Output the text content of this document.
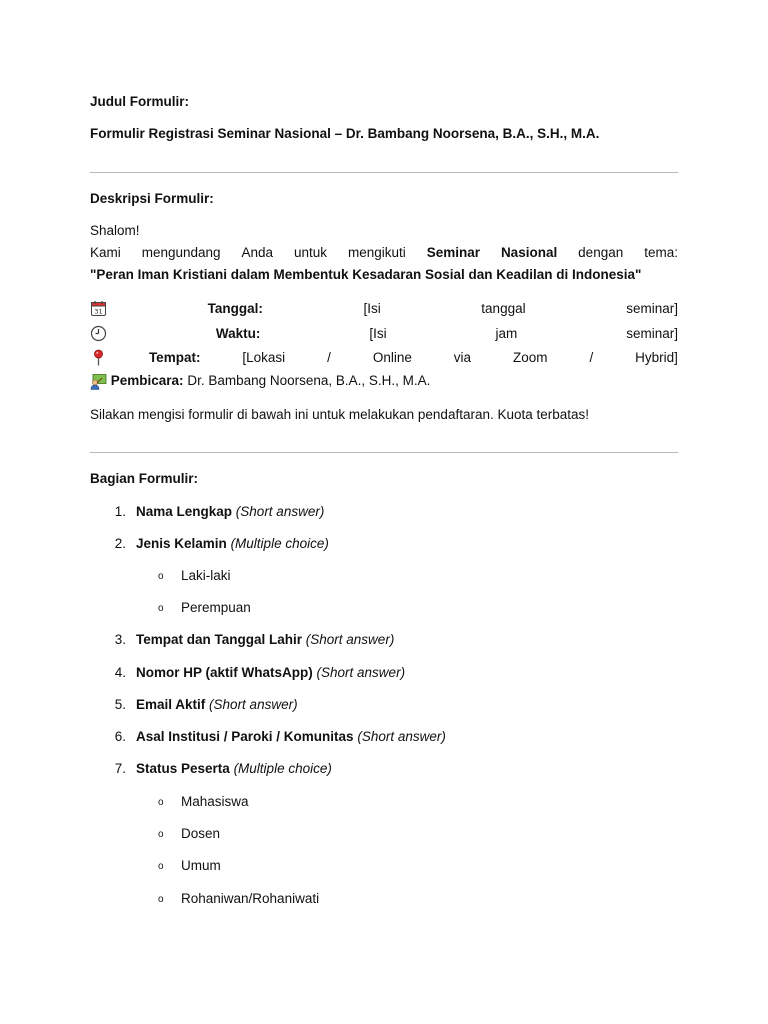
Judul Formulir:
Formulir Registrasi Seminar Nasional – Dr. Bambang Noorsena, B.A., S.H., M.A.
Deskripsi Formulir:
Shalom!
Kami mengundang Anda untuk mengikuti Seminar Nasional dengan tema:
"Peran Iman Kristiani dalam Membentuk Kesadaran Sosial dan Keadilan di Indonesia"
31	Tanggal:	[Isi	tanggal	seminar]
Waktu:	[Isi	jam	seminar]
Tempat:	[Lokasi	/	Online	via	Zoom	/	Hybrid]
Pembicara: Dr. Bambang Noorsena, B.A., S.H., M.A.
Silakan mengisi formulir di bawah ini untuk melakukan pendaftaran. Kuota terbatas!
Bagian Formulir:
1. Nama Lengkap (Short answer)
2. Jenis Kelamin (Multiple choice)
o Laki-laki
o Perempuan
3. Tempat dan Tanggal Lahir (Short answer)
4. Nomor HP (aktif WhatsApp) (Short answer)
5. Email Aktif (Short answer)
6. Asal Institusi / Paroki / Komunitas (Short answer)
7. Status Peserta (Multiple choice)
o Mahasiswa
o Dosen
o Umum
o Rohaniwan/Rohaniwati
